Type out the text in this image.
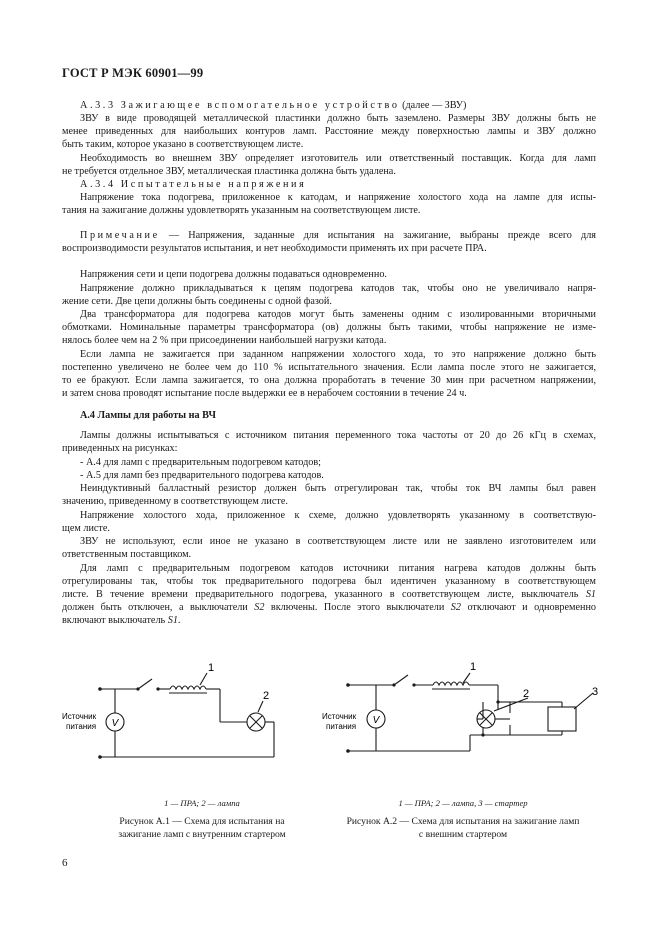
ГОСТ Р МЭК 60901—99
А.3.3 Зажигающее вспомогательное устройство (далее — ЗВУ)
ЗВУ в виде проводящей металлической пластинки должно быть заземлено. Размеры ЗВУ должны быть не
менее приведенных для наибольших контуров ламп. Расстояние между поверхностью лампы и ЗВУ должно
быть таким, которое указано в соответствующем листе.
Необходимость во внешнем ЗВУ определяет изготовитель или ответственный поставщик. Когда для ламп
не требуется отдельное ЗВУ, металлическая пластинка должна быть удалена.
А.3.4 Испытательные напряжения
Напряжение тока подогрева, приложенное к катодам, и напряжение холостого хода на лампе для испы-
тания на зажигание должны удовлетворять указанным на соответствующем листе.
Примечание — Напряжения, заданные для испытания на зажигание, выбраны прежде всего для
воспроизводимости результатов испытания, и нет необходимости применять их при расчете ПРА.
Напряжения сети и цепи подогрева должны подаваться одновременно.
Напряжение должно прикладываться к цепям подогрева катодов так, чтобы оно не увеличивало напря-
жение сети. Две цепи должны быть соединены с одной фазой.
Два трансформатора для подогрева катодов могут быть заменены одним с изолированными вторичными
обмотками. Номинальные параметры трансформатора (ов) должны быть такими, чтобы напряжение не изме-
нялось более чем на 2 % при присоединении наибольшей нагрузки катода.
Если лампа не зажигается при заданном напряжении холостого хода, то это напряжение должно быть
постепенно увеличено не более чем до 110 % испытательного значения. Если лампа после этого не зажигается,
то ее бракуют. Если лампа зажигается, то она должна проработать в течение 30 мин при расчетном напряжении,
и затем снова проводят испытание после выдержки ее в нерабочем состоянии в течение 24 ч.
А.4 Лампы для работы на ВЧ
Лампы должны испытываться с источником питания переменного тока частоты от 20 до 26 кГц в схемах,
приведенных на рисунках:
- А.4 для ламп с предварительным подогревом катодов;
- А.5 для ламп без предварительного подогрева катодов.
Неиндуктивный балластный резистор должен быть отрегулирован так, чтобы ток ВЧ лампы был равен
значению, приведенному в соответствующем листе.
Напряжение холостого хода, приложенное к схеме, должно удовлетворять указанному в соответствую-
щем листе.
ЗВУ не используют, если иное не указано в соответствующем листе или не заявлено изготовителем или
ответственным поставщиком.
Для ламп с предварительным подогревом катодов источники питания нагрева катодов должны быть
отрегулированы так, чтобы ток предварительного подогрева был идентичен указанному в соответствующем
листе. В течение времени предварительного подогрева, указанного в соответствующем листе, выключатель S1
должен быть отключен, а выключатели S2 включены. После этого выключатели S2 отключают и одновременно
включают выключатель S1.
V
Источник
питания
1
2
V
Источник
питания
1
2	3
1 — ПРА; 2 — лампа
Рисунок А.1 — Схема для испытания на
зажигание ламп с внутренним стартером
1 — ПРА; 2 — лампа, 3 — стартер
Рисунок А.2 — Схема для испытания на зажигание ламп
с внешним стартером
6
